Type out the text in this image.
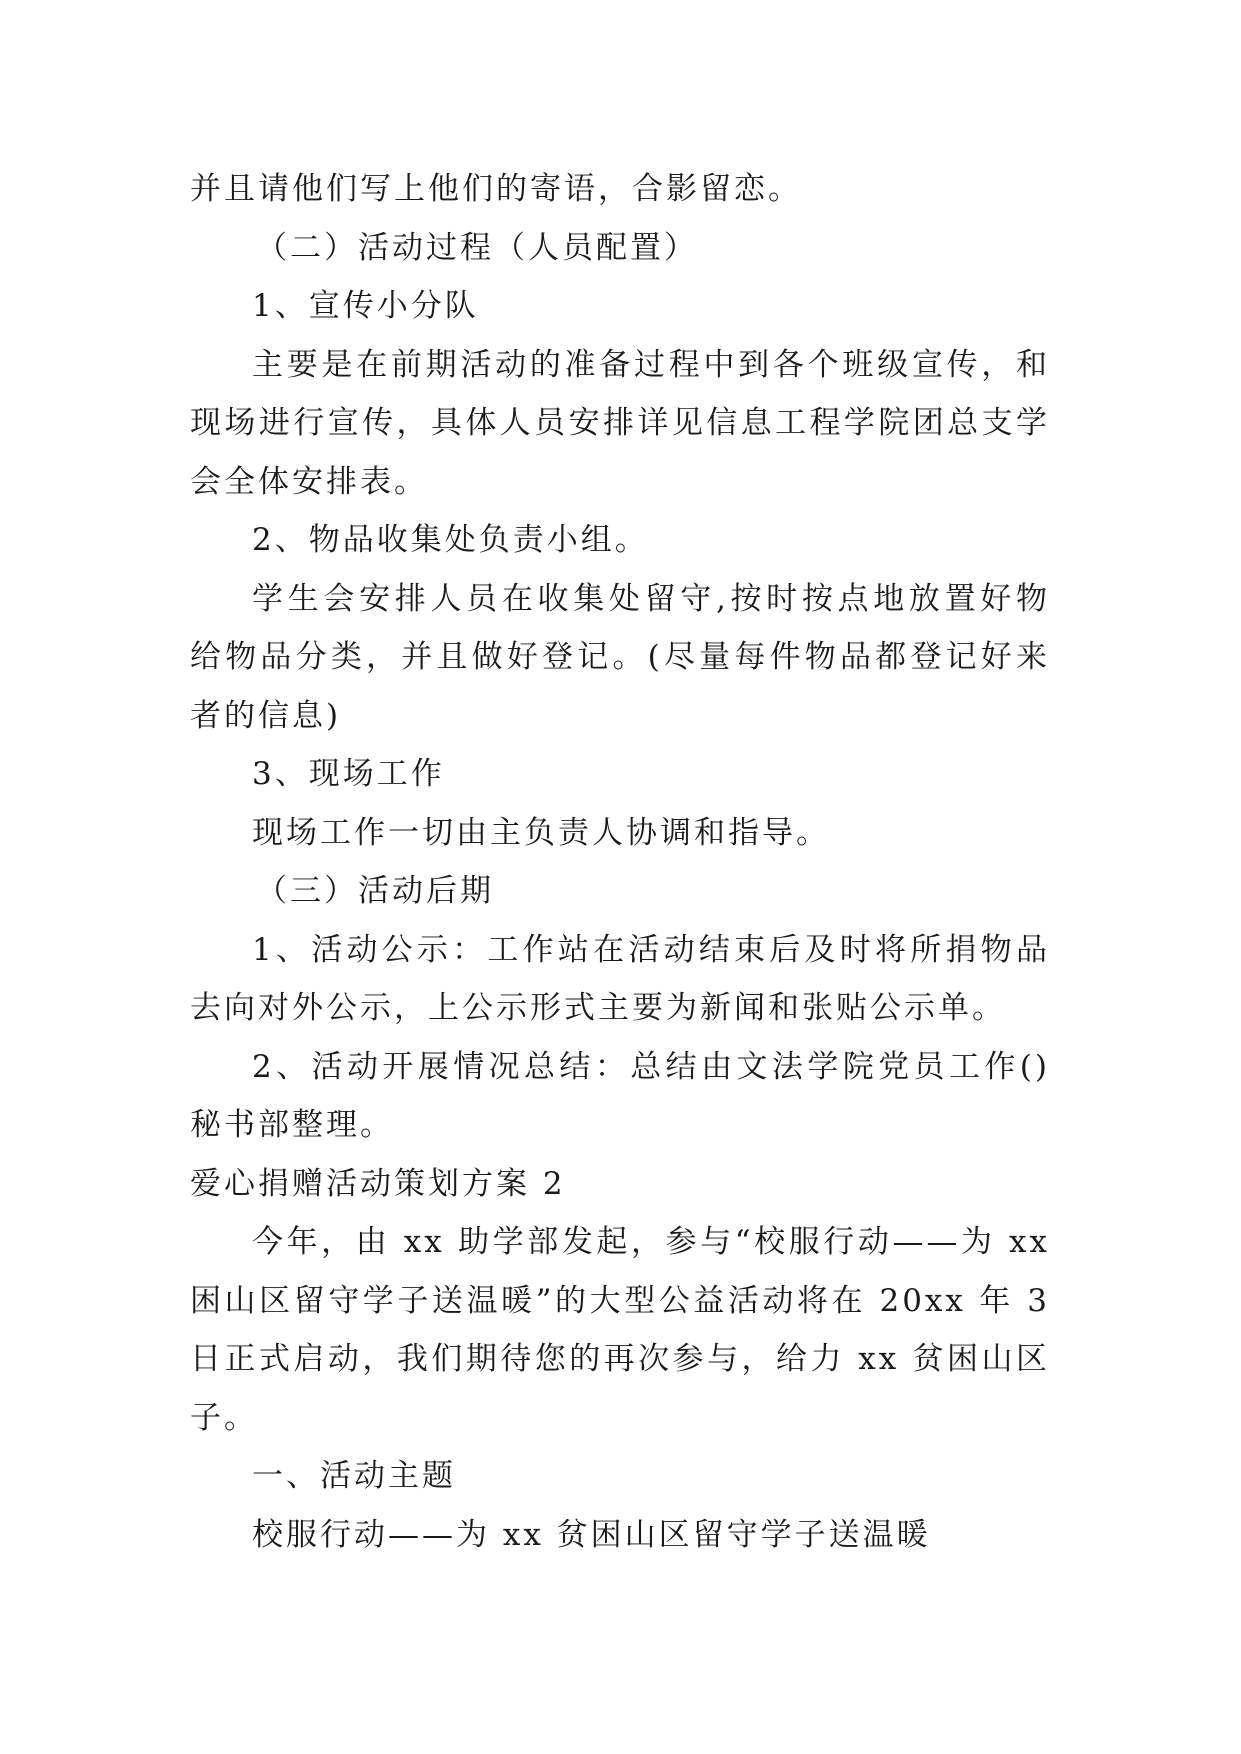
并且请他们写上他们的寄语，合影留恋。
（二）活动过程（人员配置）
1、宣传小分队
主要是在前期活动的准备过程中到各个班级宣传，和
现场进行宣传，具体人员安排详见信息工程学院团总支学
会全体安排表。
2、物品收集处负责小组。
学生会安排人员在收集处留守,按时按点地放置好物
给物品分类，并且做好登记。(尽量每件物品都登记好来
者的信息)
3、现场工作
现场工作一切由主负责人协调和指导。
（三）活动后期
1、活动公示：工作站在活动结束后及时将所捐物品
去向对外公示，上公示形式主要为新闻和张贴公示单。
2、活动开展情况总结：总结由文法学院党员工作()
秘书部整理。
爱心捐赠活动策划方案 2
今年，由 xx 助学部发起，参与“校服行动——为 xx
困山区留守学子送温暖”的大型公益活动将在 20xx 年 3
日正式启动，我们期待您的再次参与，给力 xx 贫困山区
子。
一、活动主题
校服行动——为 xx 贫困山区留守学子送温暖
